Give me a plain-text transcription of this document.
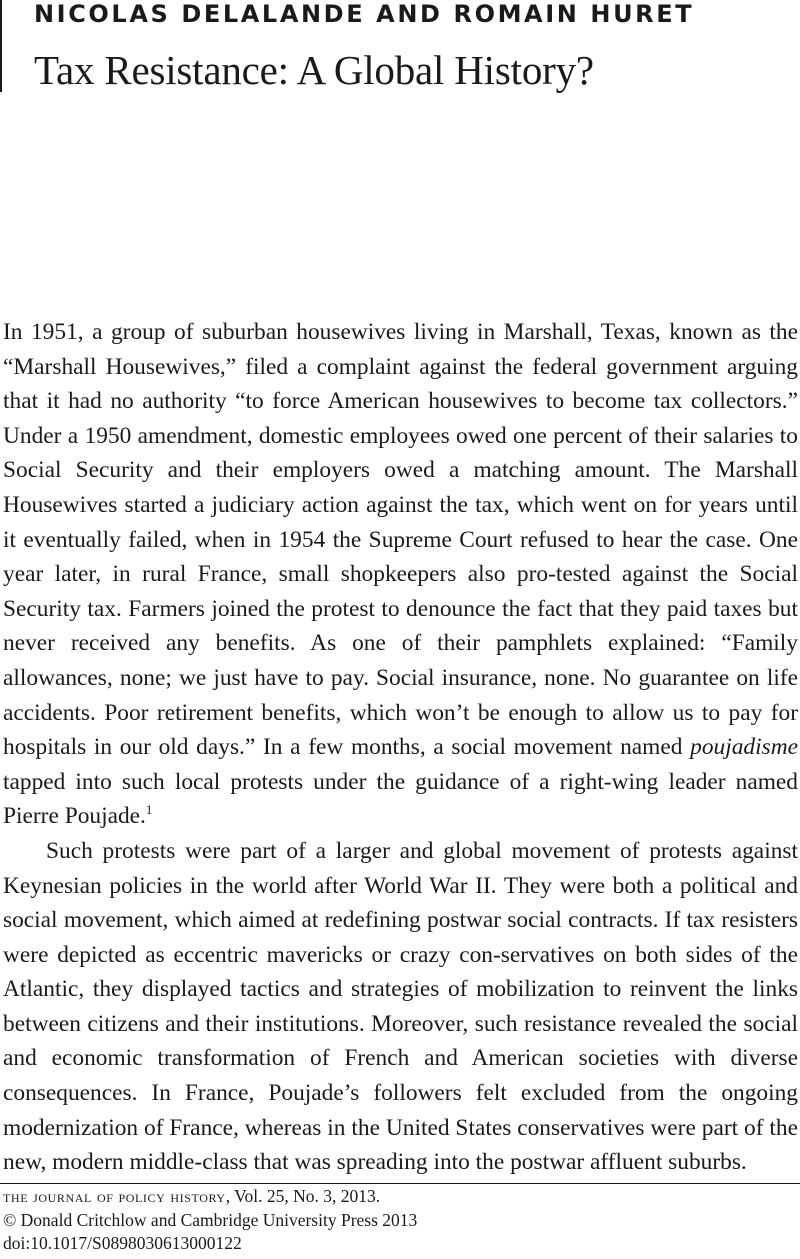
NICOLAS DELALANDE AND ROMAIN HURET
Tax Resistance: A Global History?

In 1951, a group of suburban housewives living in Marshall, Texas, known as the “Marshall Housewives,” filed a complaint against the federal government arguing that it had no authority “to force American housewives to become tax collectors.” Under a 1950 amendment, domestic employees owed one percent of their salaries to Social Security and their employers owed a matching amount. The Marshall Housewives started a judiciary action against the tax, which went on for years until it eventually failed, when in 1954 the Supreme Court refused to hear the case. One year later, in rural France, small shopkeepers also pro-tested against the Social Security tax. Farmers joined the protest to denounce the fact that they paid taxes but never received any benefits. As one of their pamphlets explained: “Family allowances, none; we just have to pay. Social insurance, none. No guarantee on life accidents. Poor retirement benefits, which won’t be enough to allow us to pay for hospitals in our old days.” In a few months, a social movement named poujadisme tapped into such local protests under the guidance of a right-wing leader named Pierre Poujade.$^1$

Such protests were part of a larger and global movement of protests against Keynesian policies in the world after World War II. They were both a political and social movement, which aimed at redefining postwar social contracts. If tax resisters were depicted as eccentric mavericks or crazy con-servatives on both sides of the Atlantic, they displayed tactics and strategies of mobilization to reinvent the links between citizens and their institutions. Moreover, such resistance revealed the social and economic transformation of French and American societies with diverse consequences. In France, Poujade’s followers felt excluded from the ongoing modernization of France, whereas in the United States conservatives were part of the new, modern middle-class that was spreading into the postwar affluent suburbs.

the journal of policy history, Vol. 25, No. 3, 2013.
© Donald Critchlow and Cambridge University Press 2013
doi:10.1017/S0898030613000122
